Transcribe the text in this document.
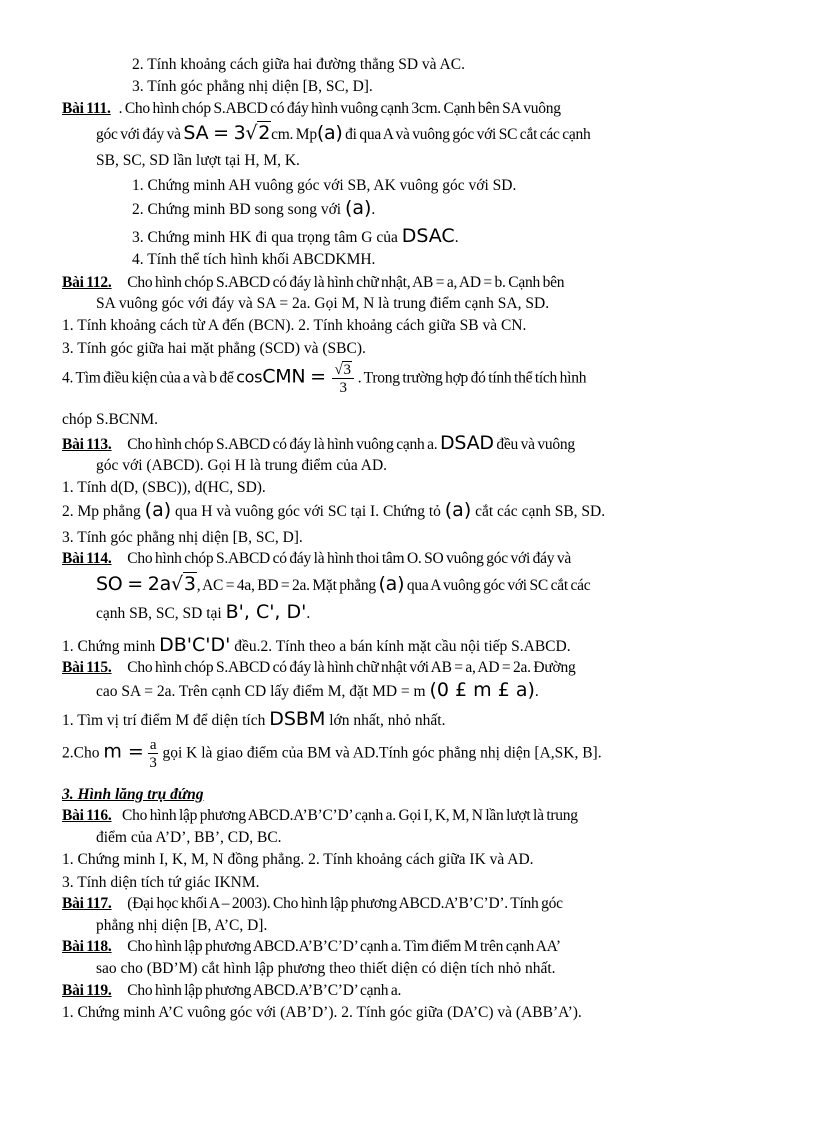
2. Tính khoảng cách giữa hai đường thẳng SD và AC.
3. Tính góc phẳng nhị diện [B, SC, D].
Bài 111. . Cho hình chóp S.ABCD có đáy hình vuông cạnh 3cm. Cạnh bên SA vuông
góc với đáy và SA = 3√2cm. Mp(a) đi qua A và vuông góc với SC cắt các cạnh
SB, SC, SD lần lượt tại H, M, K.
1. Chứng minh AH vuông góc với SB, AK vuông góc với SD.
2. Chứng minh BD song song với (a).
3. Chứng minh HK đi qua trọng tâm G của DSAC.
4. Tính thể tích hình khối ABCDKMH.
Bài 112. Cho hình chóp S.ABCD có đáy là hình chữ nhật, AB = a, AD = b. Cạnh bên
SA vuông góc với đáy và SA = 2a. Gọi M, N là trung điểm cạnh SA, SD.
1. Tính khoảng cách từ A đến (BCN). 2. Tính khoảng cách giữa SB và CN.
3. Tính góc giữa hai mặt phẳng (SCD) và (SBC).
4. Tìm điều kiện của a và b để cosCMN = $\frac{√3}{3}$ . Trong trường hợp đó tính thể tích hình
chóp S.BCNM.
Bài 113. Cho hình chóp S.ABCD có đáy là hình vuông cạnh a. DSAD đều và vuông
góc với (ABCD). Gọi H là trung điểm của AD.
1. Tính d(D, (SBC)), d(HC, SD).
2. Mp phẳng (a) qua H và vuông góc với SC tại I. Chứng tỏ (a) cắt các cạnh SB, SD.
3. Tính góc phẳng nhị diện [B, SC, D].
Bài 114. Cho hình chóp S.ABCD có đáy là hình thoi tâm O. SO vuông góc với đáy và
SO = 2a√3, AC = 4a, BD = 2a. Mặt phẳng (a) qua A vuông góc với SC cắt các
cạnh SB, SC, SD tại B', C', D'.
1. Chứng minh DB'C'D' đều.2. Tính theo a bán kính mặt cầu nội tiếp S.ABCD.
Bài 115. Cho hình chóp S.ABCD có đáy là hình chữ nhật với AB = a, AD = 2a. Đường
cao SA = 2a. Trên cạnh CD lấy điểm M, đặt MD = m (0 £ m £ a).
1. Tìm vị trí điểm M để diện tích DSBM lớn nhất, nhỏ nhất.
2.Cho $m = \frac{a}{3}$ gọi K là giao điểm của BM và AD.Tính góc phẳng nhị diện [A,SK, B].
3. Hình lăng trụ đứng
Bài 116. Cho hình lập phương ABCD.A’B’C’D’ cạnh a. Gọi I, K, M, N lần lượt là trung
điểm của A’D’, BB’, CD, BC.
1. Chứng minh I, K, M, N đồng phẳng. 2. Tính khoảng cách giữa IK và AD.
3. Tính diện tích tứ giác IKNM.
Bài 117. (Đại học khối A – 2003). Cho hình lập phương ABCD.A’B’C’D’. Tính góc
phẳng nhị diện [B, A’C, D].
Bài 118. Cho hình lập phương ABCD.A’B’C’D’ cạnh a. Tìm điểm M trên cạnh AA’
sao cho (BD’M) cắt hình lập phương theo thiết diện có diện tích nhỏ nhất.
Bài 119. Cho hình lập phương ABCD.A’B’C’D’ cạnh a.
1. Chứng minh A’C vuông góc với (AB’D’). 2. Tính góc giữa (DA’C) và (ABB’A’).
